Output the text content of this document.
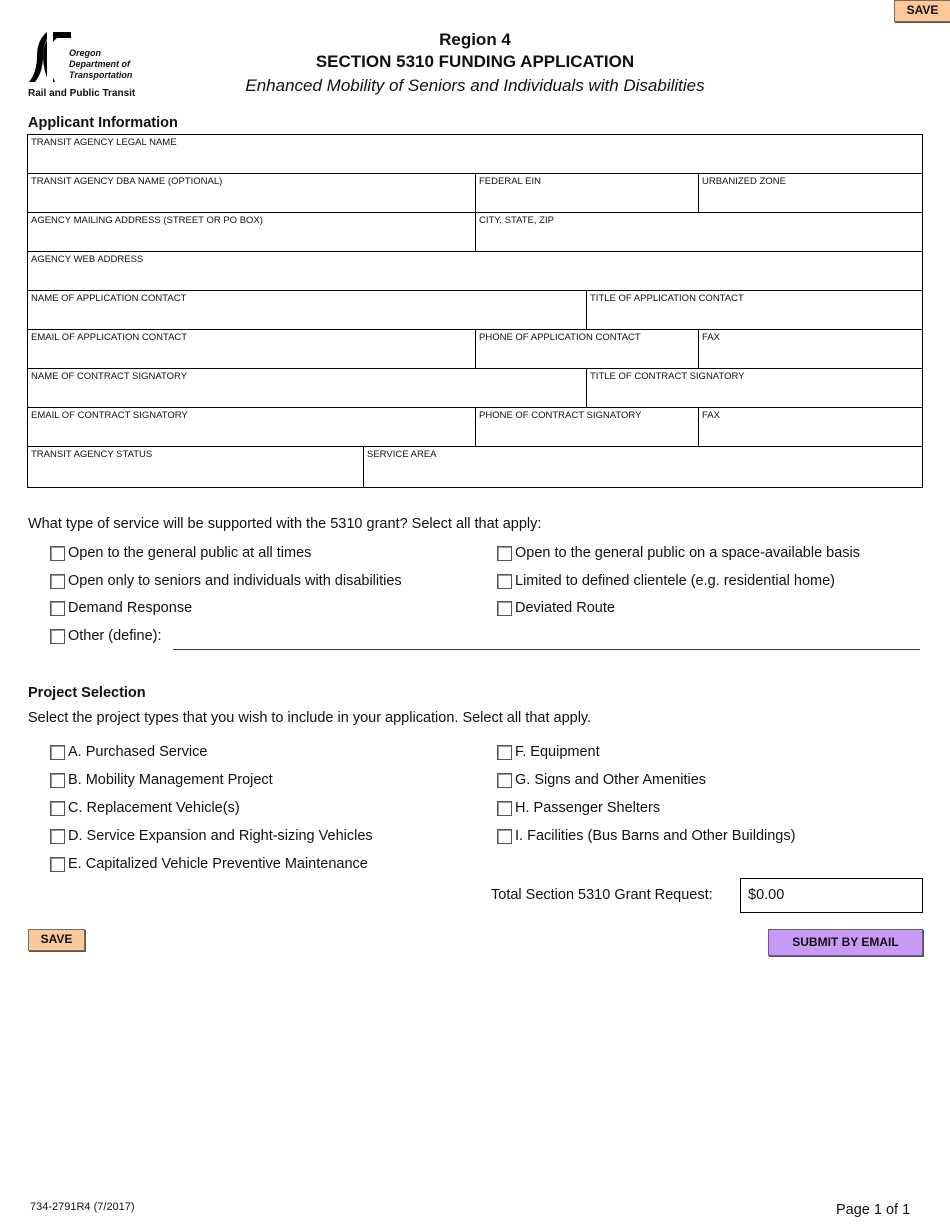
SAVE
Oregon
Department of
Transportation
Rail and Public Transit
Region 4
SECTION 5310 FUNDING APPLICATION
Enhanced Mobility of Seniors and Individuals with Disabilities
Applicant Information
TRANSIT AGENCY LEGAL NAME
TRANSIT AGENCY DBA NAME (OPTIONAL)	FEDERAL EIN	URBANIZED ZONE
AGENCY MAILING ADDRESS (STREET OR PO BOX)	CITY, STATE, ZIP
AGENCY WEB ADDRESS
NAME OF APPLICATION CONTACT	TITLE OF APPLICATION CONTACT
EMAIL OF APPLICATION CONTACT	PHONE OF APPLICATION CONTACT	FAX
NAME OF CONTRACT SIGNATORY	TITLE OF CONTRACT SIGNATORY
EMAIL OF CONTRACT SIGNATORY	PHONE OF CONTRACT SIGNATORY	FAX
TRANSIT AGENCY STATUS	SERVICE AREA
What type of service will be supported with the 5310 grant? Select all that apply:
Open to the general public at all times
Open only to seniors and individuals with disabilities
Demand Response
Other (define):
Open to the general public on a space-available basis
Limited to defined clientele (e.g. residential home)
Deviated Route
Project Selection
Select the project types that you wish to include in your application. Select all that apply.
A. Purchased Service
B. Mobility Management Project
C. Replacement Vehicle(s)
D. Service Expansion and Right-sizing Vehicles
E. Capitalized Vehicle Preventive Maintenance
F. Equipment
G. Signs and Other Amenities
H. Passenger Shelters
I. Facilities (Bus Barns and Other Buildings)
Total Section 5310 Grant Request:	$0.00
SAVE	SUBMIT BY EMAIL
734-2791R4 (7/2017)	Page 1 of 1
